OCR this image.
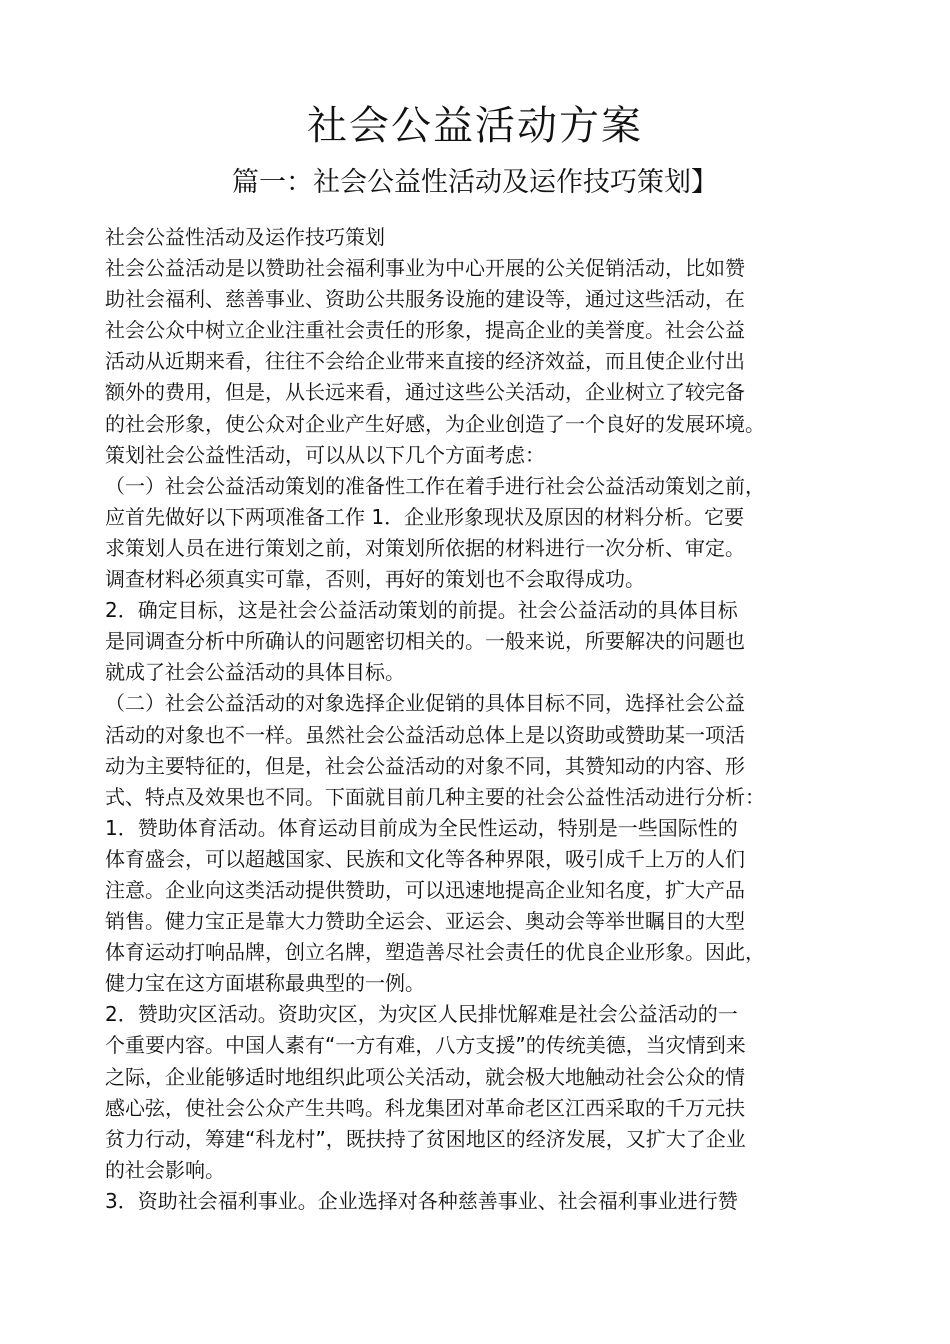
社会公益活动方案
篇一：社会公益性活动及运作技巧策划】
社会公益性活动及运作技巧策划
社会公益活动是以赞助社会福利事业为中心开展的公关促销活动，比如赞
助社会福利、慈善事业、资助公共服务设施的建设等，通过这些活动，在
社会公众中树立企业注重社会责任的形象，提高企业的美誉度。社会公益
活动从近期来看，往往不会给企业带来直接的经济效益，而且使企业付出
额外的费用，但是，从长远来看，通过这些公关活动，企业树立了较完备
的社会形象，使公众对企业产生好感，为企业创造了一个良好的发展环境。
策划社会公益性活动，可以从以下几个方面考虑：
（一）社会公益活动策划的准备性工作在着手进行社会公益活动策划之前，
应首先做好以下两项准备工作 1．企业形象现状及原因的材料分析。它要
求策划人员在进行策划之前，对策划所依据的材料进行一次分析、审定。
调查材料必须真实可靠，否则，再好的策划也不会取得成功。
2．确定目标，这是社会公益活动策划的前提。社会公益活动的具体目标
是同调查分析中所确认的问题密切相关的。一般来说，所要解决的问题也
就成了社会公益活动的具体目标。
（二）社会公益活动的对象选择企业促销的具体目标不同，选择社会公益
活动的对象也不一样。虽然社会公益活动总体上是以资助或赞助某一项活
动为主要特征的，但是，社会公益活动的对象不同，其赞知动的内容、形
式、特点及效果也不同。下面就目前几种主要的社会公益性活动进行分析：
1．赞助体育活动。体育运动目前成为全民性运动，特别是一些国际性的
体育盛会，可以超越国家、民族和文化等各种界限，吸引成千上万的人们
注意。企业向这类活动提供赞助，可以迅速地提高企业知名度，扩大产品
销售。健力宝正是靠大力赞助全运会、亚运会、奥动会等举世瞩目的大型
体育运动打响品牌，创立名牌，塑造善尽社会责任的优良企业形象。因此，
健力宝在这方面堪称最典型的一例。
2．赞助灾区活动。资助灾区，为灾区人民排忧解难是社会公益活动的一
个重要内容。中国人素有“一方有难，八方支援”的传统美德，当灾情到来
之际，企业能够适时地组织此项公关活动，就会极大地触动社会公众的情
感心弦，使社会公众产生共鸣。科龙集团对革命老区江西采取的千万元扶
贫力行动，筹建“科龙村”，既扶持了贫困地区的经济发展，又扩大了企业
的社会影响。
3．资助社会福利事业。企业选择对各种慈善事业、社会福利事业进行赞
